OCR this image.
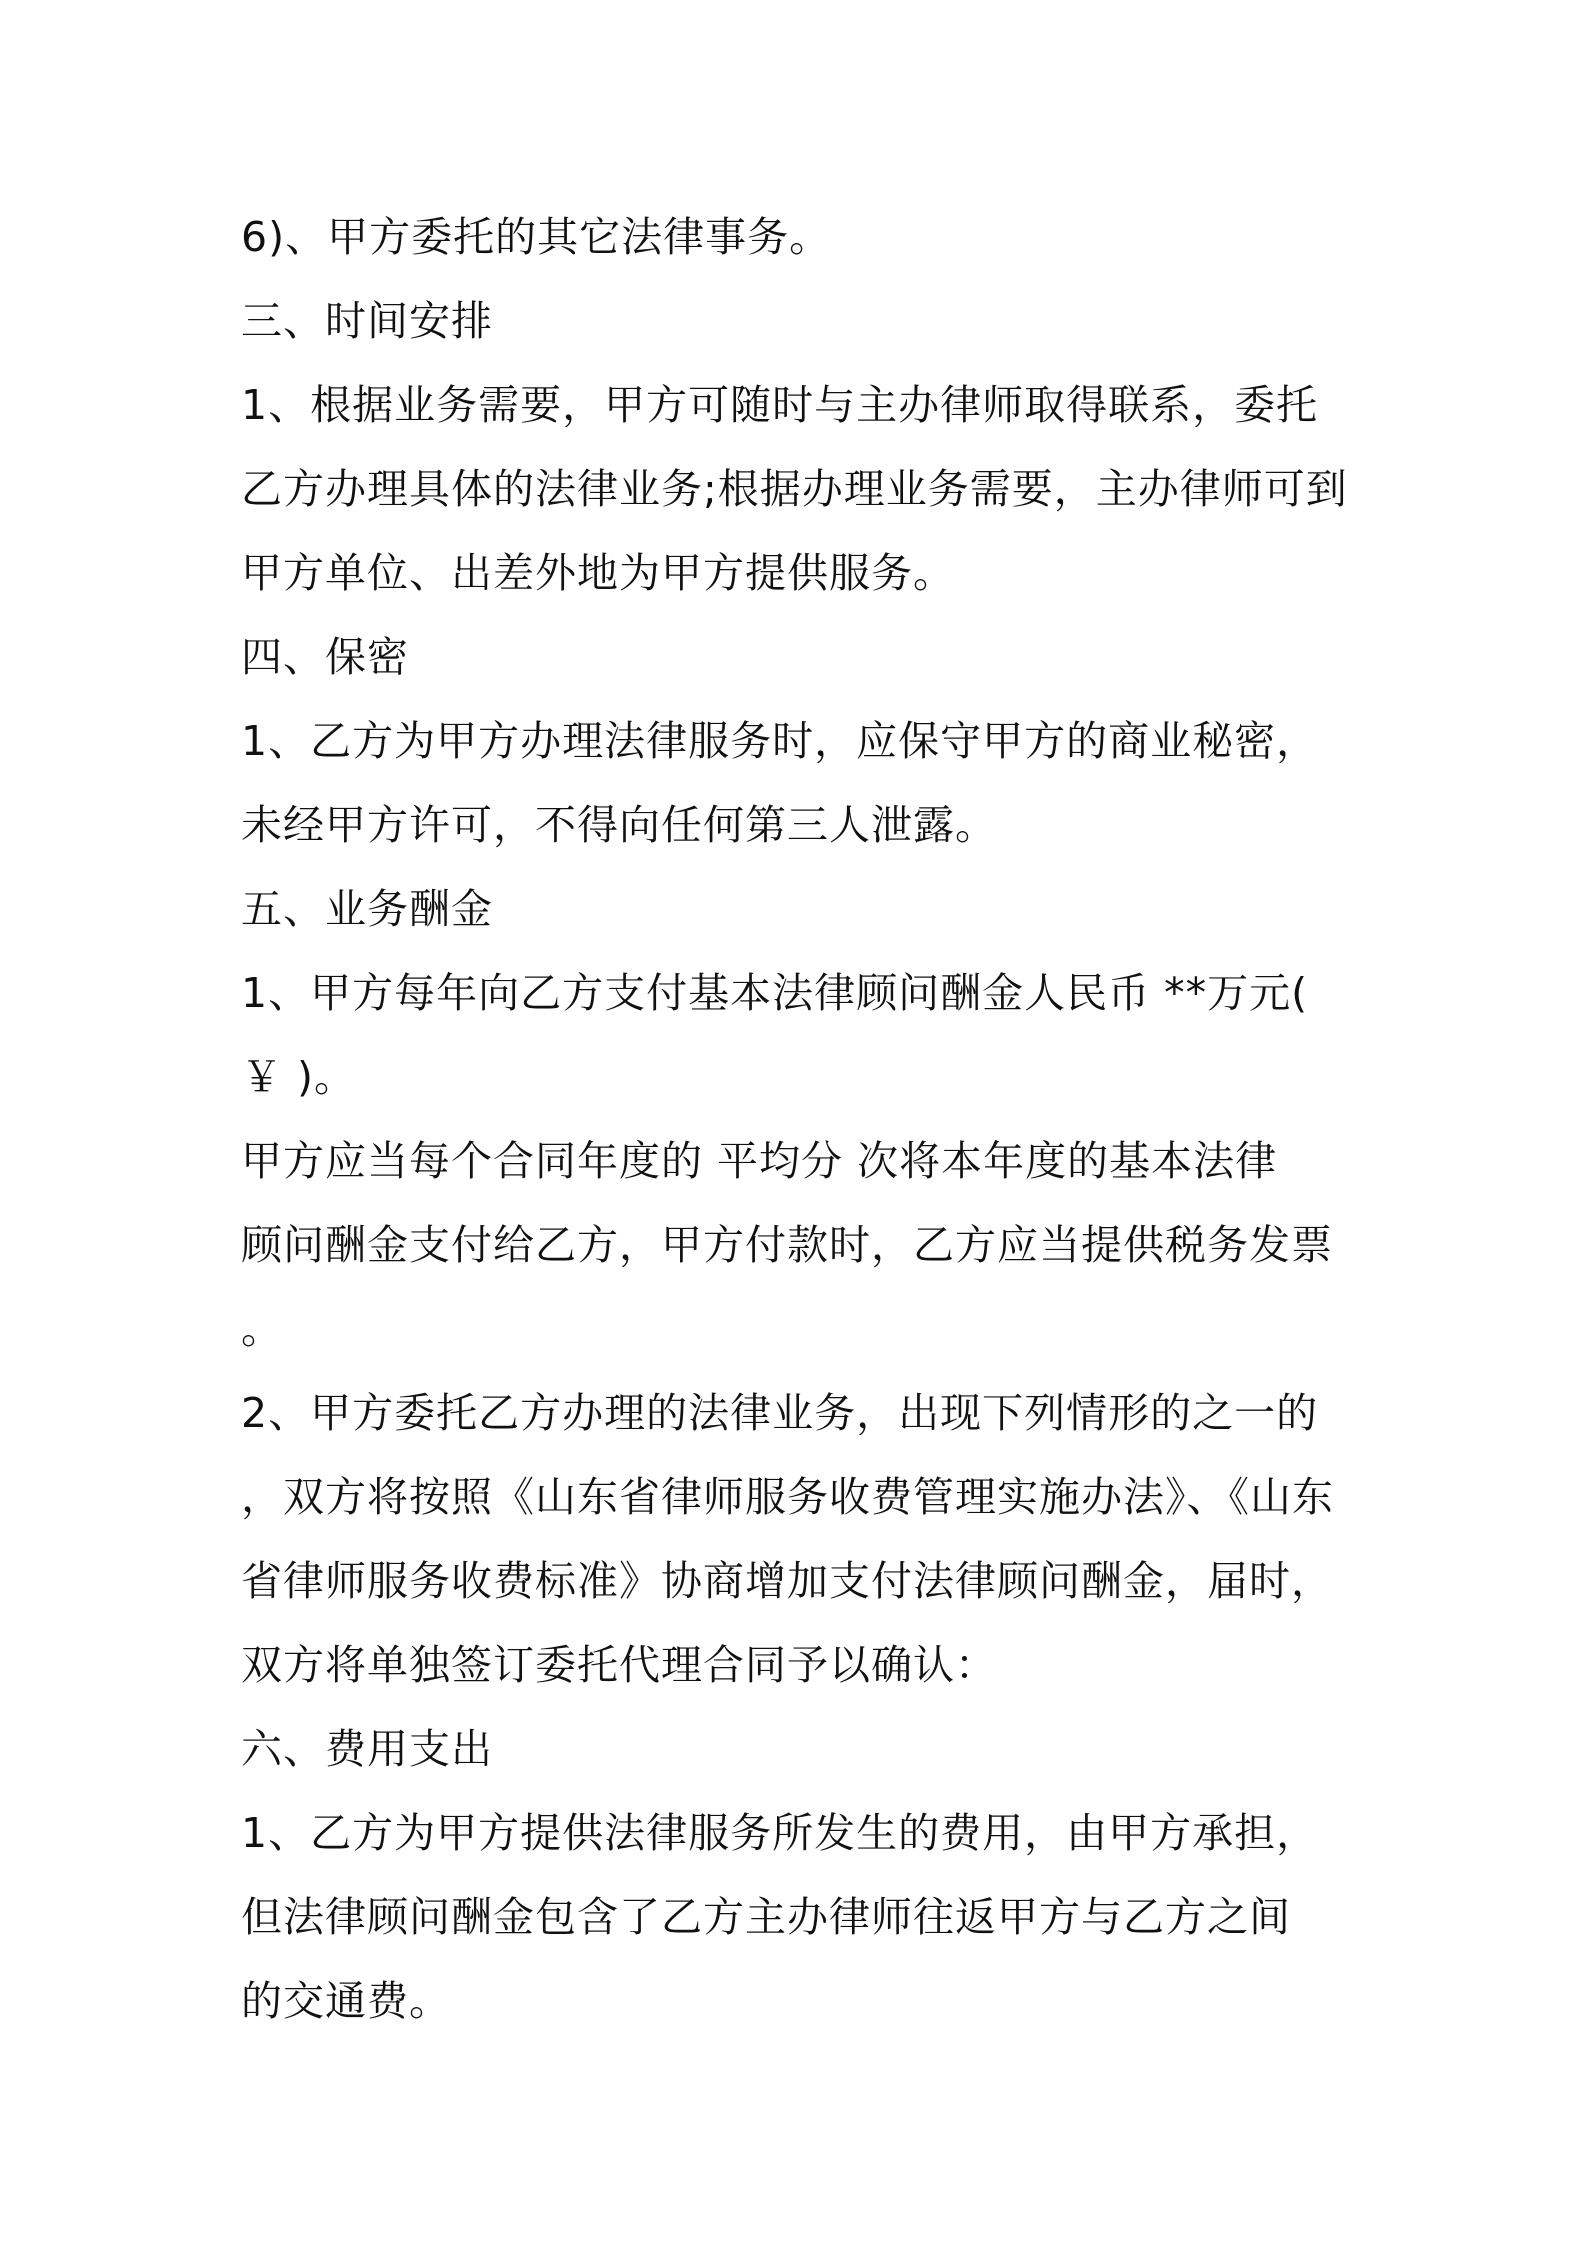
6)、甲方委托的其它法律事务。
三、时间安排
1、根据业务需要，甲方可随时与主办律师取得联系，委托
乙方办理具体的法律业务;根据办理业务需要，主办律师可到
甲方单位、出差外地为甲方提供服务。
四、保密
1、乙方为甲方办理法律服务时，应保守甲方的商业秘密，
未经甲方许可，不得向任何第三人泄露。
五、业务酬金
1、甲方每年向乙方支付基本法律顾问酬金人民币 **万元(
￥ )。
甲方应当每个合同年度的 平均分 次将本年度的基本法律
顾问酬金支付给乙方，甲方付款时，乙方应当提供税务发票
。
2、甲方委托乙方办理的法律业务，出现下列情形的之一的
，双方将按照《山东省律师服务收费管理实施办法》、《山东
省律师服务收费标准》协商增加支付法律顾问酬金，届时，
双方将单独签订委托代理合同予以确认：
六、费用支出
1、乙方为甲方提供法律服务所发生的费用，由甲方承担，
但法律顾问酬金包含了乙方主办律师往返甲方与乙方之间
的交通费。
